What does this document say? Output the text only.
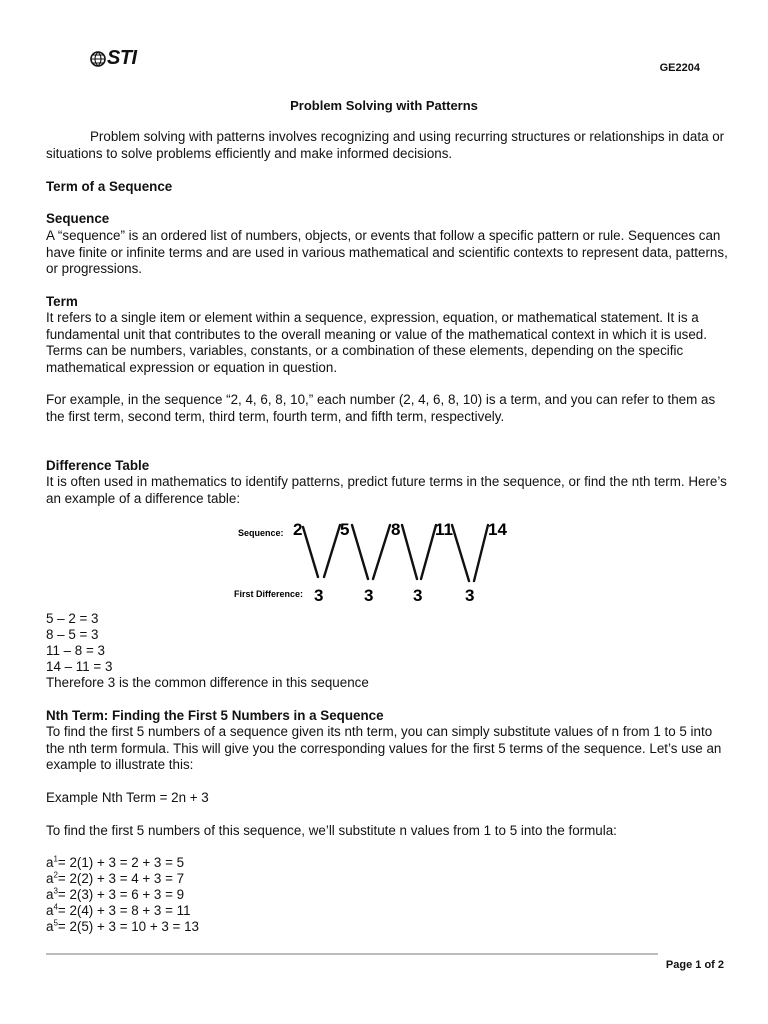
STI	GE2204
Problem Solving with Patterns
Problem solving with patterns involves recognizing and using recurring structures or relationships in data or situations to solve problems efficiently and make informed decisions.
Term of a Sequence
Sequence
A “sequence” is an ordered list of numbers, objects, or events that follow a specific pattern or rule. Sequences can have finite or infinite terms and are used in various mathematical and scientific contexts to represent data, patterns, or progressions.
Term
It refers to a single item or element within a sequence, expression, equation, or mathematical statement. It is a fundamental unit that contributes to the overall meaning or value of the mathematical context in which it is used. Terms can be numbers, variables, constants, or a combination of these elements, depending on the specific mathematical expression or equation in question.
For example, in the sequence “2, 4, 6, 8, 10,” each number (2, 4, 6, 8, 10) is a term, and you can refer to them as the first term, second term, third term, fourth term, and fifth term, respectively.
Difference Table
It is often used in mathematics to identify patterns, predict future terms in the sequence, or find the nth term. Here’s an example of a difference table:
Sequence:
First Difference:
2 5 8 11 14
3 3 3	3
5 – 2 = 3
8 – 5 = 3
11 – 8 = 3
14 – 11 = 3
Therefore 3 is the common difference in this sequence
Nth Term: Finding the First 5 Numbers in a Sequence
To find the first 5 numbers of a sequence given its nth term, you can simply substitute values of n from 1 to 5 into the nth term formula. This will give you the corresponding values for the first 5 terms of the sequence. Let’s use an example to illustrate this:
Example Nth Term = 2n + 3
To find the first 5 numbers of this sequence, we’ll substitute n values from 1 to 5 into the formula:
$a^1= 2(1) + 3 = 2 + 3 = 5$
$a^2= 2(2) + 3 = 4 + 3 = 7$
$a^3= 2(3) + 3 = 6 + 3 = 9$
$a^4= 2(4) + 3 = 8 + 3 = 11$
$a^5= 2(5) + 3 = 10 + 3 = 13$
Page 1 of 2
